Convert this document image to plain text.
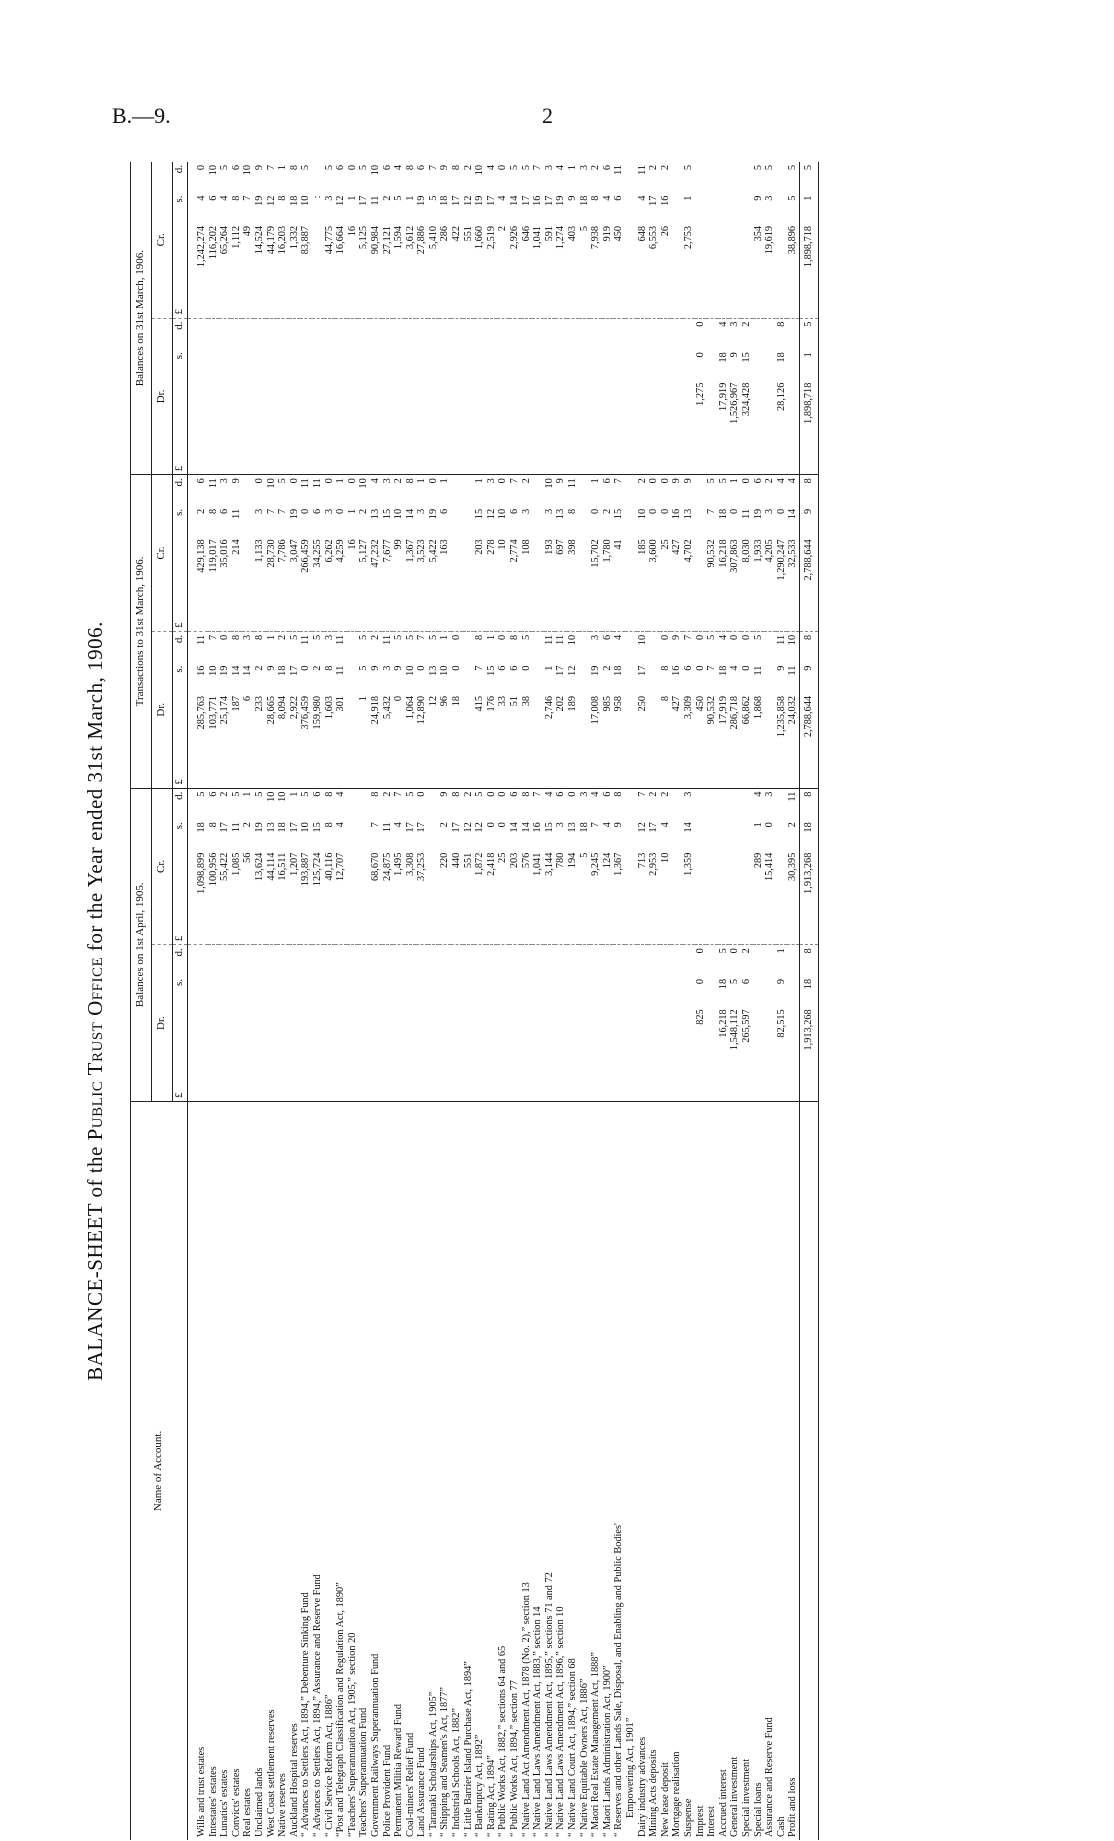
B.—9.	2
BALANCE-SHEET of the Public Trust Office for the Year ended 31st March, 1906.
Name of Account.	Balances on 1st April, 1905.						Transactions to 31st March, 1906.						Balances on 31st March, 1906.					
	Dr.			Cr.			Dr.			Cr.			Dr.			Cr.		
	£	s.	d.	£	s.	d.	£	s.	d.	£	s.	d.	£	s.	d.	£	s.	d.
Wills and trust estates				1,098,899	18	5	285,763	16	11	429,138	2	6				1,242,274	4	0
Intestates' estates				100,956	8	6	103,771	10	7	119,017	8	11				116,202	6	10
Lunatics' estates				55,422	17	2	25,174	19	0	35,016	6	3				65,264	4	5
Convicts' estates				1,085	11	5	187	14	8	214	11	9				1,112	8	6
Real estates				56	2	1	6	14	3							49	7	10
Unclaimed lands				13,624	19	5	233	2	8	1,133	3	0				14,524	19	9
West Coast settlement reserves				44,114	13	10	28,665	9	1	28,730	7	10				44,179	12	7
Native reserves				16,511	18	10	8,094	18	2	7,786	7	5				16,203	8	1
Auckland Hospital reserves				1,207	17	1	2,922	17	5	3,047	19	0				1,332	18	8
“ Advances to Settlers Act, 1894,” Debenture Sinking Fund				193,887	10	5	376,459	0	11	266,459	0	11				83,887	10	5
“ Advances to Settlers Act, 1894,” Assurance and Reserve Fund				125,724	15	6	159,980	2	5	34,255	6	11					:	
“ Civil Service Reform Act, 1886”				40,116	8	8	1,603	8	3	6,262	3	0				44,775	3	5
“Post and Telegraph Classification and Regulation Act, 1890”				12,707	4	4	301	11	11	4,259	0	1				16,664	12	6
“Teachers' Superannuation Act, 1905,” section 20										16	1	0				16	1	0
Teachers' Superannuation Fund							1	5	5	5,127	2	10				5,125	17	5
Government Railways Superannuation Fund				68,670	7	8	24,918	9	2	47,232	13	4				90,984	11	10
Police Provident Fund				24,875	11	2	5,432	3	11	7,677	15	3				27,121	2	6
Permanent Militia Reward Fund				1,495	4	7	0	9	5	99	10	2				1,594	5	4
Coal-miners' Relief Fund				3,308	17	5	1,064	10	5	1,367	14	8				3,612	1	8
Land Assurance Fund				37,253	17	0	12,890	0	7	3,523	3	1				27,886	19	6
“ Taranaki Scholarships Act, 1905”							12	13	5	5,422	19	0				5,410	5	7
“ Shipping and Seamen's Act, 1877”				220	2	9	96	10	1	163	6	1				286	18	9
“ Industrial Schools Act, 1882”				440	17	8	18	0	0							422	17	8
“ Little Barrier Island Purchase Act, 1894”				551	12	2										551	12	2
“ Bankruptcy Act, 1892”				1,872	12	5	415	7	8	203	15	1				1,660	19	10
“ Rating Act, 1894”				2,418	0	0	176	15	1	278	12	3				2,519	17	4
“ Public Works Act, 1882,” sections 64 and 65				25	0	0	33	6	0	10	10	0				2	4	0
“ Public Works Act, 1894,” section 77				203	14	6	51	6	8	2,774	6	7				2,926	14	5
“ Native Land Act Amendment Act, 1878 (No. 2),” section 13				576	14	8	38	0	5	108	3	2				646	17	5
“ Native Land Laws Amendment Act, 1883,” section 14				1,041	16	7										1,041	16	7
“ Native Land Laws Amendment Act, 1895,” sections 71 and 72				3,144	15	4	2,746	1	11	193	3	10				591	17	3
“ Native Land Laws Amendment Act, 1896,” section 10				780	3	6	202	17	11	697	13	9				1,274	19	4
“ Native Land Court Act, 1894,” section 68				194	13	0	189	12	10	398	8	11				403	9	1
“ Native Equitable Owners Act, 1886”				5	18	3										5	18	3
“ Maori Real Estate Management Act, 1888”				9,245	7	4	17,008	19	3	15,702	0	1				7,938	8	2
“ Maori Lands Administration Act, 1900”				124	4	6	985	2	6	1,780	2	6				919	4	6
“ Reserves and other Lands Sale, Disposal, and Enabling and Public Bodies'				1,367	9	8	958	18	4	41	15	7				450	6	11
Empowering Act, 1901”																		
Dairy industry advances				713	12	7	250	17	10	185	10	2				648	4	11
Mining Acts deposits				2,953	17	2				3,600	0	0				6,553	17	2
New lease deposit				10	4	2	8	8	0	25	0	0				26	16	2
Mortgage realisation							427	16	9	427	16	9						
Suspense				1,359	14	3	3,309	6	7	4,702	13	9				2,753	1	5
Imprest	825	0	0				450	0	0				1,275	0	0			
Interest							90,532	7	5	90,532	7	5						
Accrued interest	16,218	18	5				17,919	18	4	16,218	18	5	17,919	18	4			
General investment	1,548,112	5	0				286,718	4	0	307,863	0	1	1,526,967	9	3			
Special investment	265,597	6	2				66,862	0	0	8,030	11	0	324,428	15	2			
Special loans				289	1	4	1,868	11	5	1,933	19	6				354	9	5
Assurance and Reserve Fund				15,414	0	3				4,205	3	2				19,619	3	5
Cash	82,515	9	1				1,235,858	9	11	1,290,247	0	4	28,126	18	8			
Profit and loss				30,395	2	11	24,032	11	10	32,533	14	4				38,896	5	5
	1,913,268	18	8	1,913,268	18	8	2,788,644	9	8	2,788,644	9	8	1,898,718	1	5	1,898,718	1	5
